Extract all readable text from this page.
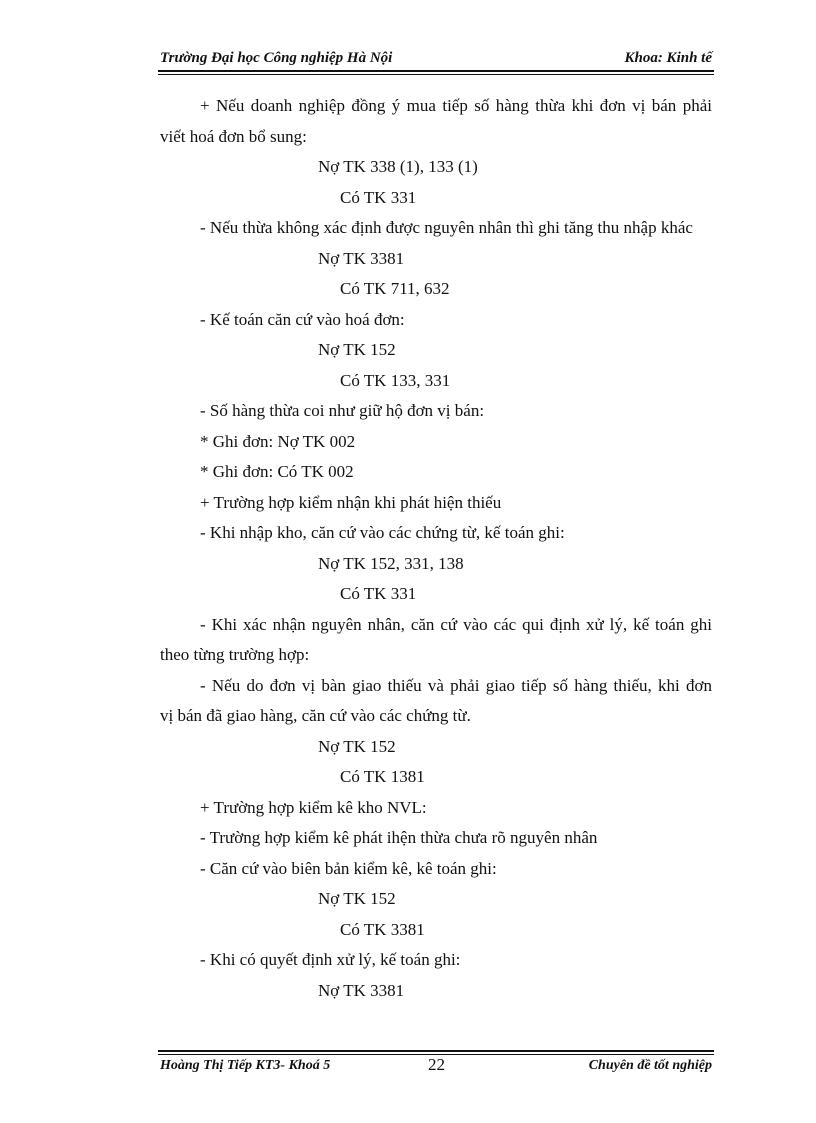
Trường Đại học Công nghiệp Hà Nội	Khoa: Kinh tế
+ Nếu doanh nghiệp đồng ý mua tiếp số hàng thừa khi đơn vị bán phải
viết hoá đơn bổ sung:
Nợ TK 338 (1), 133 (1)
Có TK 331
- Nếu thừa không xác định được nguyên nhân thì ghi tăng thu nhập khác
Nợ TK 3381
Có TK 711, 632
- Kế toán căn cứ vào hoá đơn:
Nợ TK 152
Có TK 133, 331
- Số hàng thừa coi như giữ hộ đơn vị bán:
* Ghi đơn: Nợ TK 002
* Ghi đơn: Có TK 002
+ Trường hợp kiểm nhận khi phát hiện thiếu
- Khi nhập kho, căn cứ vào các chứng từ, kế toán ghi:
Nợ TK 152, 331, 138
Có TK 331
- Khi xác nhận nguyên nhân, căn cứ vào các qui định xử lý, kế toán ghi
theo từng trường hợp:
- Nếu do đơn vị bàn giao thiếu và phải giao tiếp số hàng thiếu, khi đơn
vị bán đã giao hàng, căn cứ vào các chứng từ.
Nợ TK 152
Có TK 1381
+ Trường hợp kiểm kê kho NVL:
- Trường hợp kiểm kê phát ihện thừa chưa rõ nguyên nhân
- Căn cứ vào biên bản kiểm kê, kê toán ghi:
Nợ TK 152
Có TK 3381
- Khi có quyết định xử lý, kế toán ghi:
Nợ TK 3381
Hoàng Thị Tiếp KT3- Khoá 5	22	Chuyên đề tốt nghiệp
